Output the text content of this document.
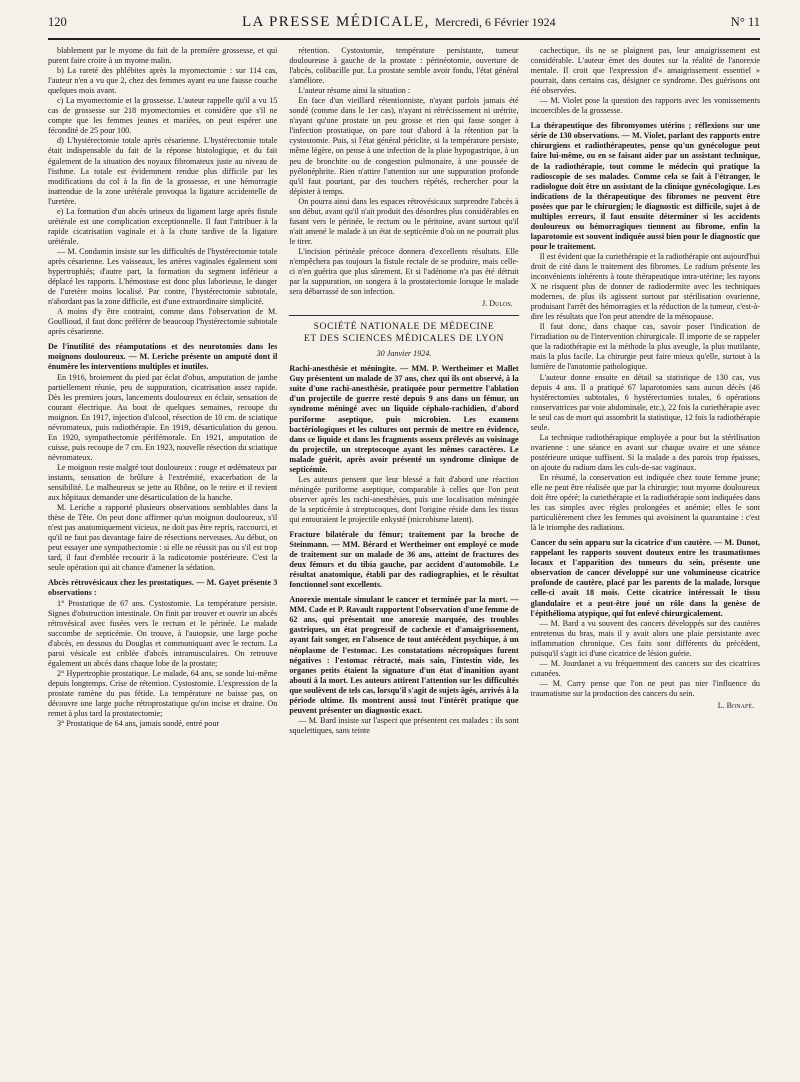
120	LA PRESSE MÉDICALE, Mercredi, 6 Février 1924	N° 11

blablement par le myome du fait de la première grossesse, et qui purent faire croire à un myome malin.

b) La rareté des phlébites après la myomectomie : sur 114 cas, l'auteur n'en a vu que 2, chez des femmes ayant eu une fausse couche quelques mois avant.

c) La myomectomie et la grossesse. L'auteur rappelle qu'il a vu 15 cas de grossesse sur 218 myomectomies et considère que s'il ne compte que les femmes jeunes et mariées, on peut espérer une fécondité de 25 pour 100.

d) L'hystérectomie totale après césarienne. L'hystérectomie totale était indispensable du fait de la réponse histologique, et du fait également de la situation des noyaux fibromateux juste au niveau de l'isthme. La totale est évidemment rendue plus difficile par les modifications du col à la fin de la grossesse, et une hémorragie inattendue de la zone urétérale provoqua la ligature accidentelle de l'uretère.

e) La formation d'un abcès urineux du ligament large après fistule urétérale est une complication exceptionnelle. Il faut l'attribuer à la rapide cicatrisation vaginale et à la chute tardive de la ligature urétérale.

— M. Condamin insiste sur les difficultés de l'hystérectomie totale après césarienne. Les vaisseaux, les artères vaginales également sont hypertrophiés; d'autre part, la formation du segment inférieur a déplacé les rapports. L'hémostase est donc plus laborieuse, le danger de l'uretère moins localisé. Par contre, l'hystérectomie subtotale, n'abordant pas la zone difficile, est d'une extraordinaire simplicité.

A moins d'y être contraint, comme dans l'observation de M. Goullioud, il faut donc préférer de beaucoup l'hystérectomie subtotale après césarienne.

De l'inutilité des réamputations et des neurotomies dans les moignons douloureux. — M. Leriche présente un amputé dont il énumère les interventions multiples et inutiles.

En 1916, broiement du pied par éclat d'obus, amputation de jambe partiellement réunie, peu de suppuration, cicatrisation assez rapide. Dès les premiers jours, lancements douloureux en éclair, sensation de courant électrique. Au bout de quelques semaines, recoupe du moignon. En 1917, injection d'alcool, résection de 10 cm. de sciatique névromateux, puis radiothérapie. En 1919, désarticulation du genou. En 1920, sympathectomie périfémorale. En 1921, amputation de cuisse, puis recoupe de 7 cm. En 1923, nouvelle résection du sciatique névromateux.

Le moignon reste malgré tout douloureux : rouge et œdémateux par instants, sensation de brûlure à l'extrémité, exacerbation de la sensibilité. Le malheureux se jette au Rhône, on le retire et il revient aux hôpitaux demander une désarticulation de la hanche.

M. Leriche a rapporté plusieurs observations semblables dans la thèse de Tête. On peut donc affirmer qu'un moignon douloureux, s'il n'est pas anatomiquement vicieux, ne doit pas être repris, raccourci, et qu'il ne faut pas davantage faire de résections nerveuses. Au début, on peut essayer une sympathectomie : si elle ne réussit pas ou s'il est trop tard, il faut d'emblée recourir à la radicotomie postérieure. C'est la seule opération qui ait chance d'amener la sédation.

Abcès rétrovésicaux chez les prostatiques. — M. Gayet présente 3 observations :

1° Prostatique de 67 ans. Cystostomie. La température persiste. Signes d'obstruction intestinale. On finit par trouver et ouvrir un abcès rétrovésical avec fusées vers le rectum et le périnée. Le malade succombe de septicémie. On trouve, à l'autopsie, une large poche d'abcès, en dessous du Douglas et communiquant avec le rectum. La paroi vésicale est criblée d'abcès intramusculaires. On retrouve également un abcès dans chaque lobe de la prostate;

2° Hypertrophie prostatique. Le malade, 64 ans, se sonde lui-même depuis longtemps. Crise de rétention. Cystostomie. L'expression de la prostate ramène du pus fétide. La température ne baisse pas, on découvre une large poche rétroprostatique qu'on incise et draine. On remet à plus tard la prostatectomie;

3° Prostatique de 64 ans, jamais sondé, entré pour

rétention. Cystostomie, température persistante, tumeur douloureuse à gauche de la prostate : périnéotomie, ouverture de l'abcès, colibacille pur. La prostate semble avoir fondu, l'état général s'améliore.

L'auteur résume ainsi la situation :

En face d'un vieillard rétentionniste, n'ayant parfois jamais été sondé (comme dans le 1er cas), n'ayant ni rétrécissement ni urétrite, n'ayant qu'une prostate un peu grosse et rien qui fasse songer à l'infection prostatique, on pare tout d'abord à la rétention par la cystostomie. Puis, si l'état général périclite, si la température persiste, même légère, on pense à une infection de la plaie hypogastrique, à un peu de bronchite ou de congestion pulmonaire, à une poussée de pyélonéphrite. Rien n'attire l'attention sur une suppuration profonde qu'il faut pourtant, par des touchers répétés, rechercher pour la dépister à temps.

On pourra ainsi dans les espaces rétrovésicaux surprendre l'abcès à son début, avant qu'il n'ait produit des désordres plus considérables en fusant vers le périnée, le rectum ou le péritoine, avant surtout qu'il n'ait amené le malade à un état de septicémie d'où on ne pourrait plus le tirer.

L'incision périnéale précoce donnera d'excellents résultats. Elle n'empêchera pas toujours la fistule rectale de se produire, mais celle-ci n'en guérira que plus sûrement. Et si l'adénome n'a pas été détruit par la suppuration, on songera à la prostatectomie lorsque le malade sera débarrassé de son infection.

J. Dulos.
SOCIÉTÉ NATIONALE DE MÉDECINE
ET DES SCIENCES MÉDICALES DE LYON
30 Janvier 1924.
Rachi-anesthésie et méningite. — MM. P. Wertheimer et Mallet Guy présentent un malade de 37 ans, chez qui ils ont observé, à la suite d'une rachi-anesthésie, pratiquée pour permettre l'ablation d'un projectile de guerre resté depuis 9 ans dans un fémur, un syndrome méningé avec un liquide céphalo-rachidien, d'abord puriforme aseptique, puis microbien. Les examens bactériologiques et les cultures ont permis de mettre en évidence, dans ce liquide et dans les fragments osseux prélevés au voisinage du projectile, un streptocoque ayant les mêmes caractères. Le malade guérit, après avoir présenté un syndrome clinique de septicémie.

Les auteurs pensent que leur blessé a fait d'abord une réaction méningée puriforme aseptique, comparable à celles que l'on peut observer après les rachi-anesthésies, puis une localisation méningée de la septicémie à streptocoques, dont l'origine réside dans les tissus qui entouraient le projectile enkysté (microbisme latent).

Fracture bilatérale du fémur; traitement par la broche de Steinmann. — MM. Bérard et Wertheimer ont employé ce mode de traitement sur un malade de 36 ans, atteint de fractures des deux fémurs et du tibia gauche, par accident d'automobile. Le résultat anatomique, établi par des radiographies, et le résultat fonctionnel sont excellents.
Anorexie mentale simulant le cancer et terminée par la mort. — MM. Cade et P. Ravault rapportent l'observation d'une femme de 62 ans, qui présentait une anorexie marquée, des troubles gastriques, un état progressif de cachexie et d'amaigrissement, ayant fait songer, en l'absence de tout antécédent psychique, à un néoplasme de l'estomac. Les constatations nécropsiques furent négatives : l'estomac rétracté, mais sain, l'intestin vide, les organes petits étaient la signature d'un état d'inanition ayant abouti à la mort. Les auteurs attirent l'attention sur les difficultés que soulèvent de tels cas, lorsqu'il s'agit de sujets âgés, arrivés à la période ultime. Ils montrent aussi tout l'intérêt pratique que peuvent présenter un diagnostic exact.

— M. Bard insiste sur l'aspect que présentent ces malades : ils sont squelettiques, sans teinte

cachectique, ils ne se plaignent pas, leur amaigrissement est considérable. L'auteur émet des doutes sur la réalité de l'anorexie mentale. Il croit que l'expression d'« amaigrissement essentiel » pourrait, dans certains cas, désigner ce syndrome. Des guérisons ont été observées.

— M. Violet pose la question des rapports avec les vomissements incoercibles de la grossesse.

La thérapeutique des fibromyomes utérins ; réflexions sur une série de 130 observations. — M. Violet, parlant des rapports entre chirurgiens et radiothérapeutes, pense qu'un gynécologue peut faire lui-même, ou en se faisant aider par un assistant technique, de la radiothérapie, tout comme le médecin qui pratique la radioscopie de ses malades. Comme cela se fait à l'étranger, le radiologue doit être un assistant de la clinique gynécologique. Les indications de la thérapeutique des fibromes ne peuvent être posées que par le chirurgien; le diagnostic est difficile, sujet à de multiples erreurs, il faut ensuite déterminer si les accidents douloureux ou hémorragiques tiennent au fibrome, enfin la laparotomie est souvent indiquée aussi bien pour le diagnostic que pour le traitement.

Il est évident que la curiethérapie et la radiothérapie ont aujourd'hui droit de cité dans le traitement des fibromes. Le radium présente les inconvénients inhérents à toute thérapeutique intra-utérine; les rayons X ne risquent plus de donner de radiodermite avec les techniques modernes, de plus ils agissent surtout par stérilisation ovarienne, produisant l'arrêt des hémorragies et la réduction de la tumeur, c'est-à-dire les résultats que l'on peut attendre de la ménopause.

Il faut donc, dans chaque cas, savoir poser l'indication de l'irradiation ou de l'intervention chirurgicale. Il importe de se rappeler que la radiothérapie est la méthode la plus aveugle, la plus mutilante, mais la plus facile. La chirurgie peut faire mieux qu'elle, surtout à la lumière de l'anatomie pathologique.

L'auteur donne ensuite en détail sa statistique de 130 cas, vus depuis 4 ans. Il a pratiqué 67 laparotomies sans aucun décès (46 hystérectomies subtotales, 6 hystérectomies totales, 6 opérations conservatrices par voie abdominale, etc.), 22 fois la curiethérapie avec le seul cas de mort qui assombrit la statistique, 12 fois la radiothérapie seule.

La technique radiothérapique employée a pour but la stérilisation ovarienne : une séance en avant sur chaque ovaire et une séance postérieure unique suffisent. Si la malade a des parois trop épaisses, on ajoute du radium dans les culs-de-sac vaginaux.

En résumé, la conservation est indiquée chez toute femme jeune; elle ne peut être réalisée que par la chirurgie; tout myome douloureux doit être opéré; la curiethérapie et la radiothérapie sont indiquées dans les cas simples avec règles prolongées et anémie; elles le sont particulièrement chez les femmes qui avoisinent la quarantaine : c'est là le triomphe des radiations.

Cancer du sein apparu sur la cicatrice d'un cautère. — M. Dunot, rappelant les rapports souvent douteux entre les traumatismes locaux et l'apparition des tumeurs du sein, présente une observation de cancer développé sur une volumineuse cicatrice profonde de cautère, placé par les parents de la malade, lorsque celle-ci avait 18 mois. Cette cicatrice intéressait le tissu glandulaire et a peut-être joué un rôle dans la genèse de l'épithélioma atypique, qui fut enlevé chirurgicalement.

— M. Bard a vu souvent des cancers développés sur des cautères entretenus du bras, mais il y avait alors une plaie persistante avec inflammation chronique. Ces faits sont différents du précédent, puisqu'il s'agit ici d'une cicatrice de lésion guérie.

— M. Jourdanet a vu fréquemment des cancers sur des cicatrices cutanées.

— M. Carry pense que l'on ne peut pas nier l'influence du traumatisme sur la production des cancers du sein.

L. Bonafé.
